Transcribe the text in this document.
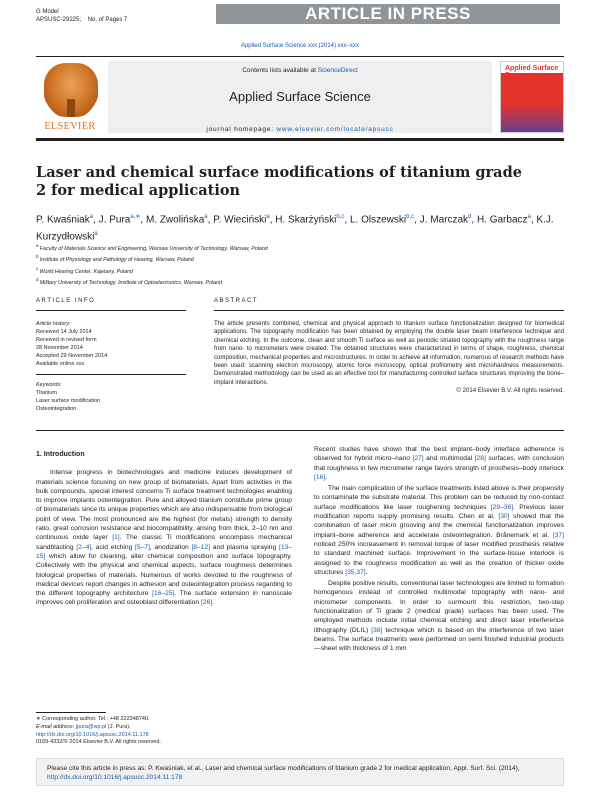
G Model
APSUSC-29225; No. of Pages 7	ARTICLE IN PRESS
Applied Surface Science xxx (2014) xxx–xxx
ELSEVIER
Contents lists available at ScienceDirect
Applied Surface Science
journal homepage: www.elsevier.com/locate/apsusc
Applied Surface Science
Laser and chemical surface modifications of titanium grade 2 for medical application
P. Kwaśniak$^a$, J. Pura$^{a,∗}$, M. Zwolińska$^a$, P. Wieciński$^a$, H. Skarżyński$^{b,c}$, L. Olszewski$^{b,c}$, J. Marczak$^d$, H. Garbacz$^a$, K.J. Kurzydłowski$^a$
$^a$ Faculty of Materials Science and Engineering, Warsaw University of Technology, Warsaw, Poland
$^b$ Institute of Physiology and Pathology of Hearing, Warsaw, Poland
$^c$ World Hearing Center, Kajetany, Poland
$^d$ Military University of Technology, Institute of Optoelectronics, Warsaw, Poland
ARTICLE INFO	ABSTRACT
Article history:
Received 14 July 2014
Received in revised form
28 November 2014
Accepted 29 November 2014
Available online xxx
Keywords:
Titanium
Laser surface modification
Osteointegration
The article presents combined, chemical and physical approach to titanium surface functionalization designed for biomedical applications. The topography modification has been obtained by employing the double laser beam interference technique and chemical etching. In the outcome, clean and smooth Ti surface as well as periodic striated topography with the roughness range from nano- to micrometers were created. The obtained structures were characterized in terms of shape, roughness, chemical composition, mechanical properties and microstructures. In order to achieve all information, numerous of research methods have been used: scanning electron microscopy, atomic force microscopy, optical profilometry and microhardness measurements. Demonstrated methodology can be used as an effective tool for manufacturing controlled surface structures improving the bone–implant interactions.
© 2014 Elsevier B.V. All rights reserved.
1. Introduction

Intense progress in biotechnologies and medicine induces development of materials science focusing on new group of biomaterials. Apart from activities in the bulk compounds, special interest concerns Ti surface treatment technologies enabling to improve implants osteintegration. Pure and alloyed titanium constitute prime group of biomaterials since its unique properties which are also indispensable from biological point of view. The most pronounced are the highest (for metals) strength to density ratio, great corrosion resistance and biocompatibility, arising from thick, 2–10 nm and continuous oxide layer [1]. The classic Ti modifications encompass mechanical sandblasting [2–4], acid etching [5–7], anodization [8–12] and plasma spraying [13–15] which allow for cleaning, alter chemical composition and surface topography. Collectively with the physical and chemical aspects, surface roughness determines biological properties of materials. Numerous of works devoted to the roughness of medical devices report changes in adhesion and osteointegration process regarding to the different topography architecture [16–25]. The surface extension in nanoscale improves cell proliferation and osteoblast differentiation [26].

Recent studies have shown that the best implant–body interface adherence is observed for hybrid micro–nano [27] and multimodal [28] surfaces, with conclusion that roughness in few micrometer range favors strength of prosthesis–body interlock [16].

The main complication of the surface treatments listed above is their propensity to contaminate the substrate material. This problem can be reduced by non-contact surface modifications like laser roughening techniques [29–36]. Previous laser modification reports supply promising results. Chen et al. [30] showed that the combination of laser micro grooving and the chemical functionalization improves implant–bone adherence and accelerate osteointegration. Brånemark et al. [37] noticed 250% increasement in removal torque of laser modified prosthesis relative to standard machined surface. Improvement in the surface-tissue interlock is assigned to the roughness modification as well as the creation of thicker oxide structures [35,37].

Despite positive results, conventional laser technologies are limited to formation homogenous instead of controlled multimodal topography with nano- and micrometer components. In order to surmount this restriction, two-step functionalization of Ti grade 2 (medical grade) surfaces has been used. The employed methods include initial chemical etching and direct laser interference lithography (DLIL) [38] technique which is based on the interference of two laser beams. The surface treatments were performed on semi finished industrial products—sheet with thickness of 1 mm

∗ Corresponding author. Tel.: +48 222348740.
E-mail address: jpura@wp.pl (J. Pura).
http://dx.doi.org/10.1016/j.apsusc.2014.11.178
0169-4332/© 2014 Elsevier B.V. All rights reserved.
Please cite this article in press as: P. Kwaśniak, et al., Laser and chemical surface modifications of titanium grade 2 for medical application, Appl. Surf. Sci. (2014), http://dx.doi.org/10.1016/j.apsusc.2014.11.178
